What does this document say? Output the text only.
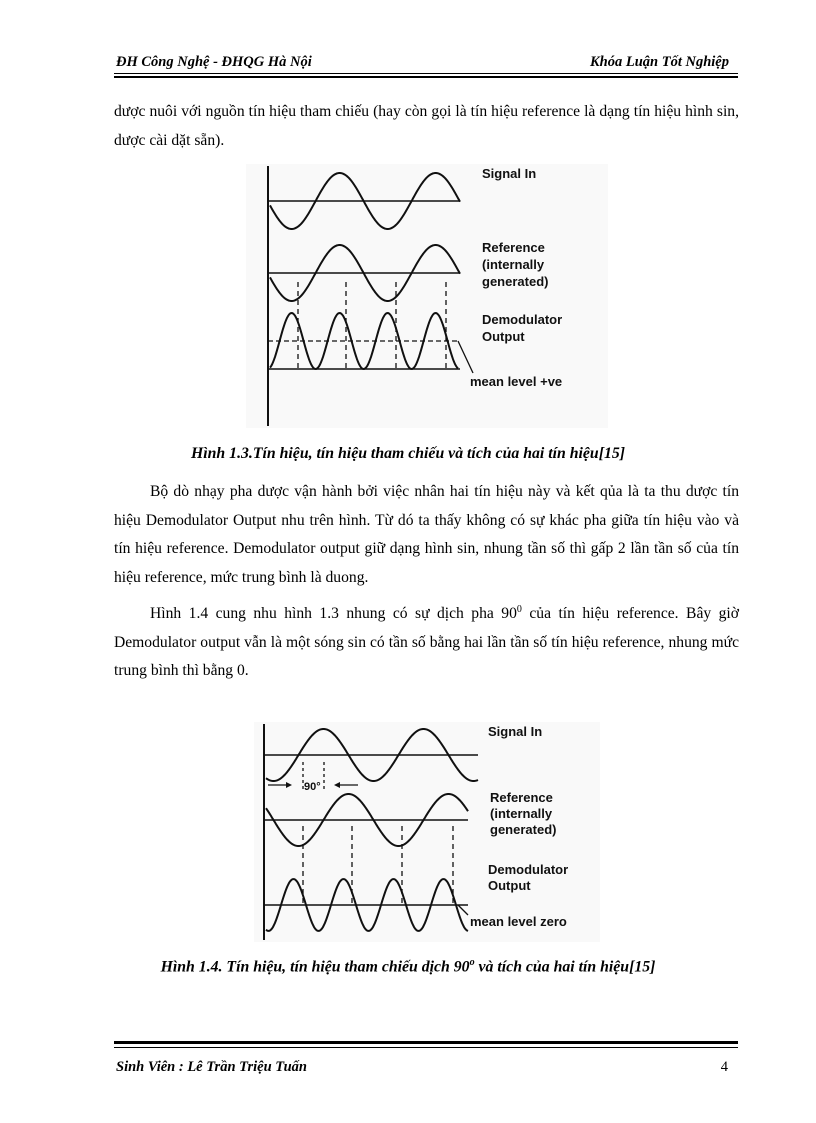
ĐH Công Nghệ - ĐHQG Hà Nội	Khóa Luận Tốt Nghiệp

dược nuôi với nguồn tín hiệu tham chiếu (hay còn gọi là tín hiệu reference là dạng tín hiệu hình sin, dược cài dặt sẵn).

Signal In
Reference
(internally
generated)
Demodulator
Output
mean level +ve

Hình 1.3.Tín hiệu, tín hiệu tham chiếu và tích của hai tín hiệu[15]

Bộ dò nhạy pha dược vận hành bởi việc nhân hai tín hiệu này và kết qủa là ta thu dược tín hiệu Demodulator Output nhu trên hình. Từ dó ta thấy không có sự khác pha giữa tín hiệu vào và tín hiệu reference. Demodulator output giữ dạng hình sin, nhung tần số thì gấp 2 lần tần số của tín hiệu reference, mức trung bình là duong.

Hình 1.4 cung nhu hình 1.3 nhung có sự dịch pha $90^0$ của tín hiệu reference. Bây giờ Demodulator output vẫn là một sóng sin có tần số bằng hai lần tần số tín hiệu reference, nhung mức trung bình thì bằng 0.

90°
Signal In
Reference
(internally
generated)
Demodulator
Output
mean level zero

Hình 1.4. Tín hiệu, tín hiệu tham chiếu dịch 90$^o$ và tích của hai tín hiệu[15]

Sinh Viên : Lê Trần Triệu Tuấn	4
